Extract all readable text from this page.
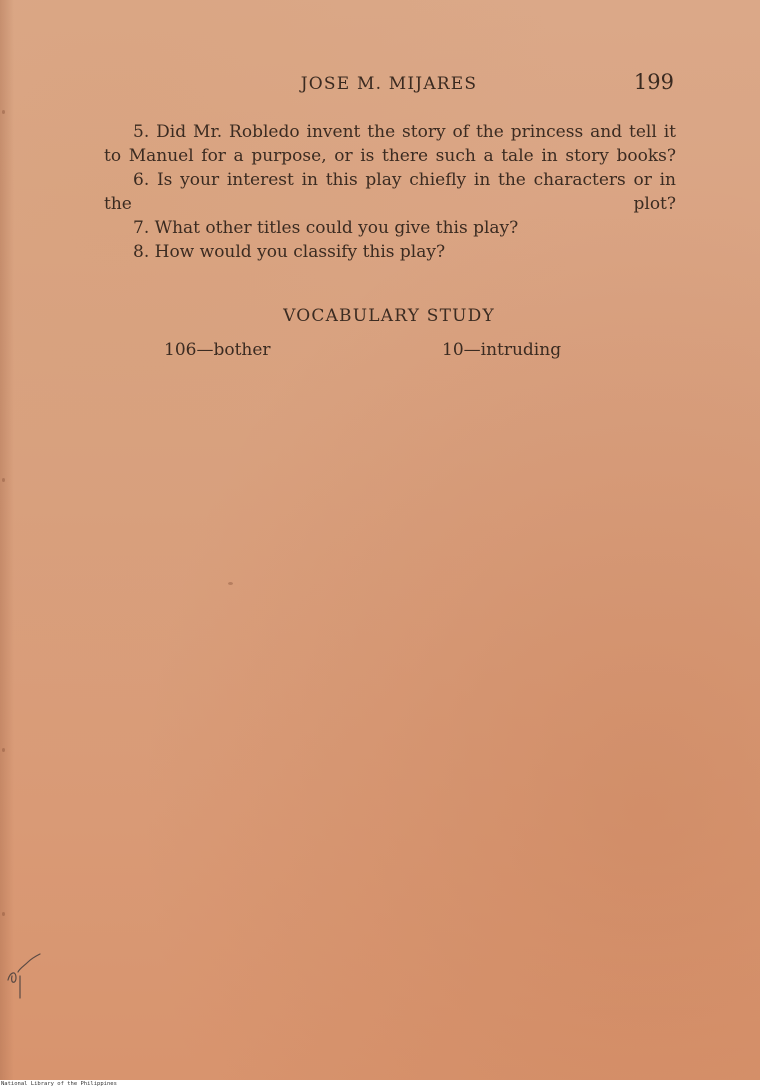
JOSE M. MIJARES	199

5. Did Mr. Robledo invent the story of the princess and tell it to Manuel for a purpose, or is there such a tale in story books?

6. Is your interest in this play chiefly in the characters or in the plot?

7. What other titles could you give this play?

8. How would you classify this play?

VOCABULARY STUDY
106—bother	10—intruding
National Library of the Philippines
